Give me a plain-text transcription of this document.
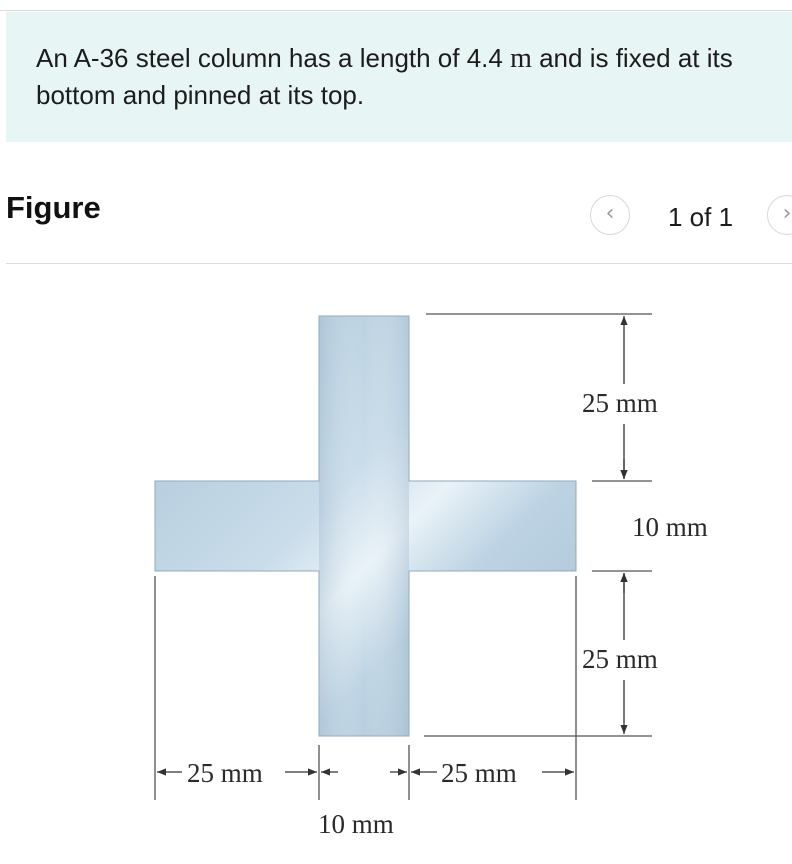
An A-36 steel column has a length of 4.4 m and is fixed at its bottom and pinned at its top.

Figure	‹	1 of 1	›
25 mm
10 mm
25 mm
25 mm	25 mm
10 mm
